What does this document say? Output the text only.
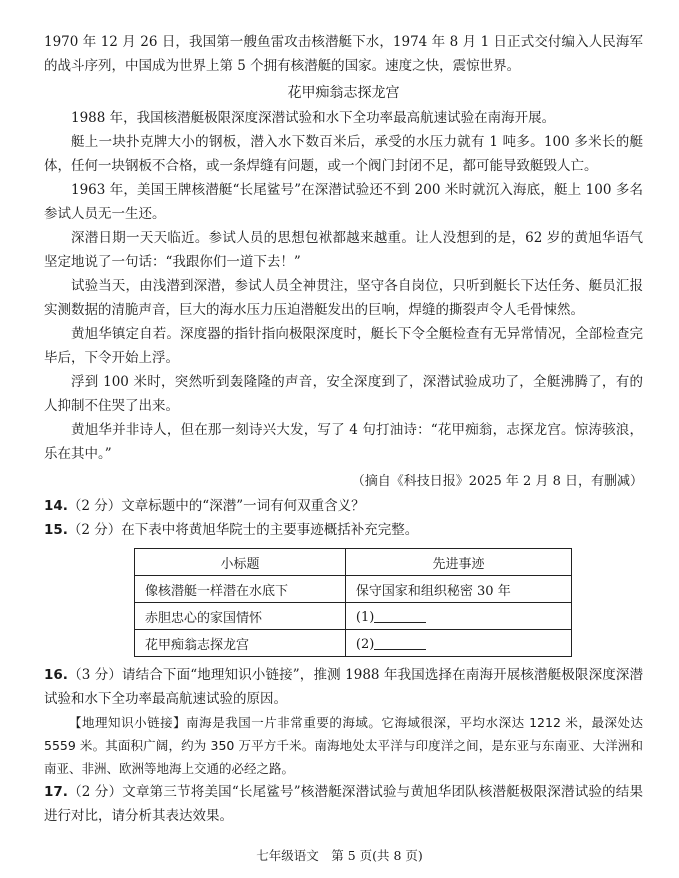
1970 年 12 月 26 日，我国第一艘鱼雷攻击核潜艇下水，1974 年 8 月 1 日正式交付编入人民海军的战斗序列，中国成为世界上第 5 个拥有核潜艇的国家。速度之快，震惊世界。

花甲痴翁志探龙宫

1988 年，我国核潜艇极限深度深潜试验和水下全功率最高航速试验在南海开展。

艇上一块扑克牌大小的钢板，潜入水下数百米后，承受的水压力就有 1 吨多。100 多米长的艇体，任何一块钢板不合格，或一条焊缝有问题，或一个阀门封闭不足，都可能导致艇毁人亡。

1963 年，美国王牌核潜艇“长尾鲨号”在深潜试验还不到 200 米时就沉入海底，艇上 100 多名参试人员无一生还。

深潜日期一天天临近。参试人员的思想包袱都越来越重。让人没想到的是，62 岁的黄旭华语气坚定地说了一句话：“我跟你们一道下去！”

试验当天，由浅潜到深潜，参试人员全神贯注，坚守各自岗位，只听到艇长下达任务、艇员汇报实测数据的清脆声音，巨大的海水压力压迫潜艇发出的巨响，焊缝的撕裂声令人毛骨悚然。

黄旭华镇定自若。深度器的指针指向极限深度时，艇长下令全艇检查有无异常情况，全部检查完毕后，下令开始上浮。

浮到 100 米时，突然听到轰隆隆的声音，安全深度到了，深潜试验成功了，全艇沸腾了，有的人抑制不住哭了出来。

黄旭华并非诗人，但在那一刻诗兴大发，写了 4 句打油诗：“花甲痴翁，志探龙宫。惊涛骇浪，乐在其中。”

（摘自《科技日报》2025 年 2 月 8 日，有删减）

14.（2 分）文章标题中的“深潜”一词有何双重含义？

15.（2 分）在下表中将黄旭华院士的主要事迹概括补充完整。

小标题	先进事迹
像核潜艇一样潜在水底下	保守国家和组织秘密 30 年
赤胆忠心的家国情怀	(1)
花甲痴翁志探龙宫	(2)

16.（3 分）请结合下面“地理知识小链接”，推测 1988 年我国选择在南海开展核潜艇极限深度深潜试验和水下全功率最高航速试验的原因。

【地理知识小链接】南海是我国一片非常重要的海域。它海域很深，平均水深达 1212 米，最深处达 5559 米。其面积广阔，约为 350 万平方千米。南海地处太平洋与印度洋之间，是东亚与东南亚、大洋洲和南亚、非洲、欧洲等地海上交通的必经之路。

17.（2 分）文章第三节将美国“长尾鲨号”核潜艇深潜试验与黄旭华团队核潜艇极限深潜试验的结果进行对比，请分析其表达效果。

七年级语文　第 5 页(共 8 页)
